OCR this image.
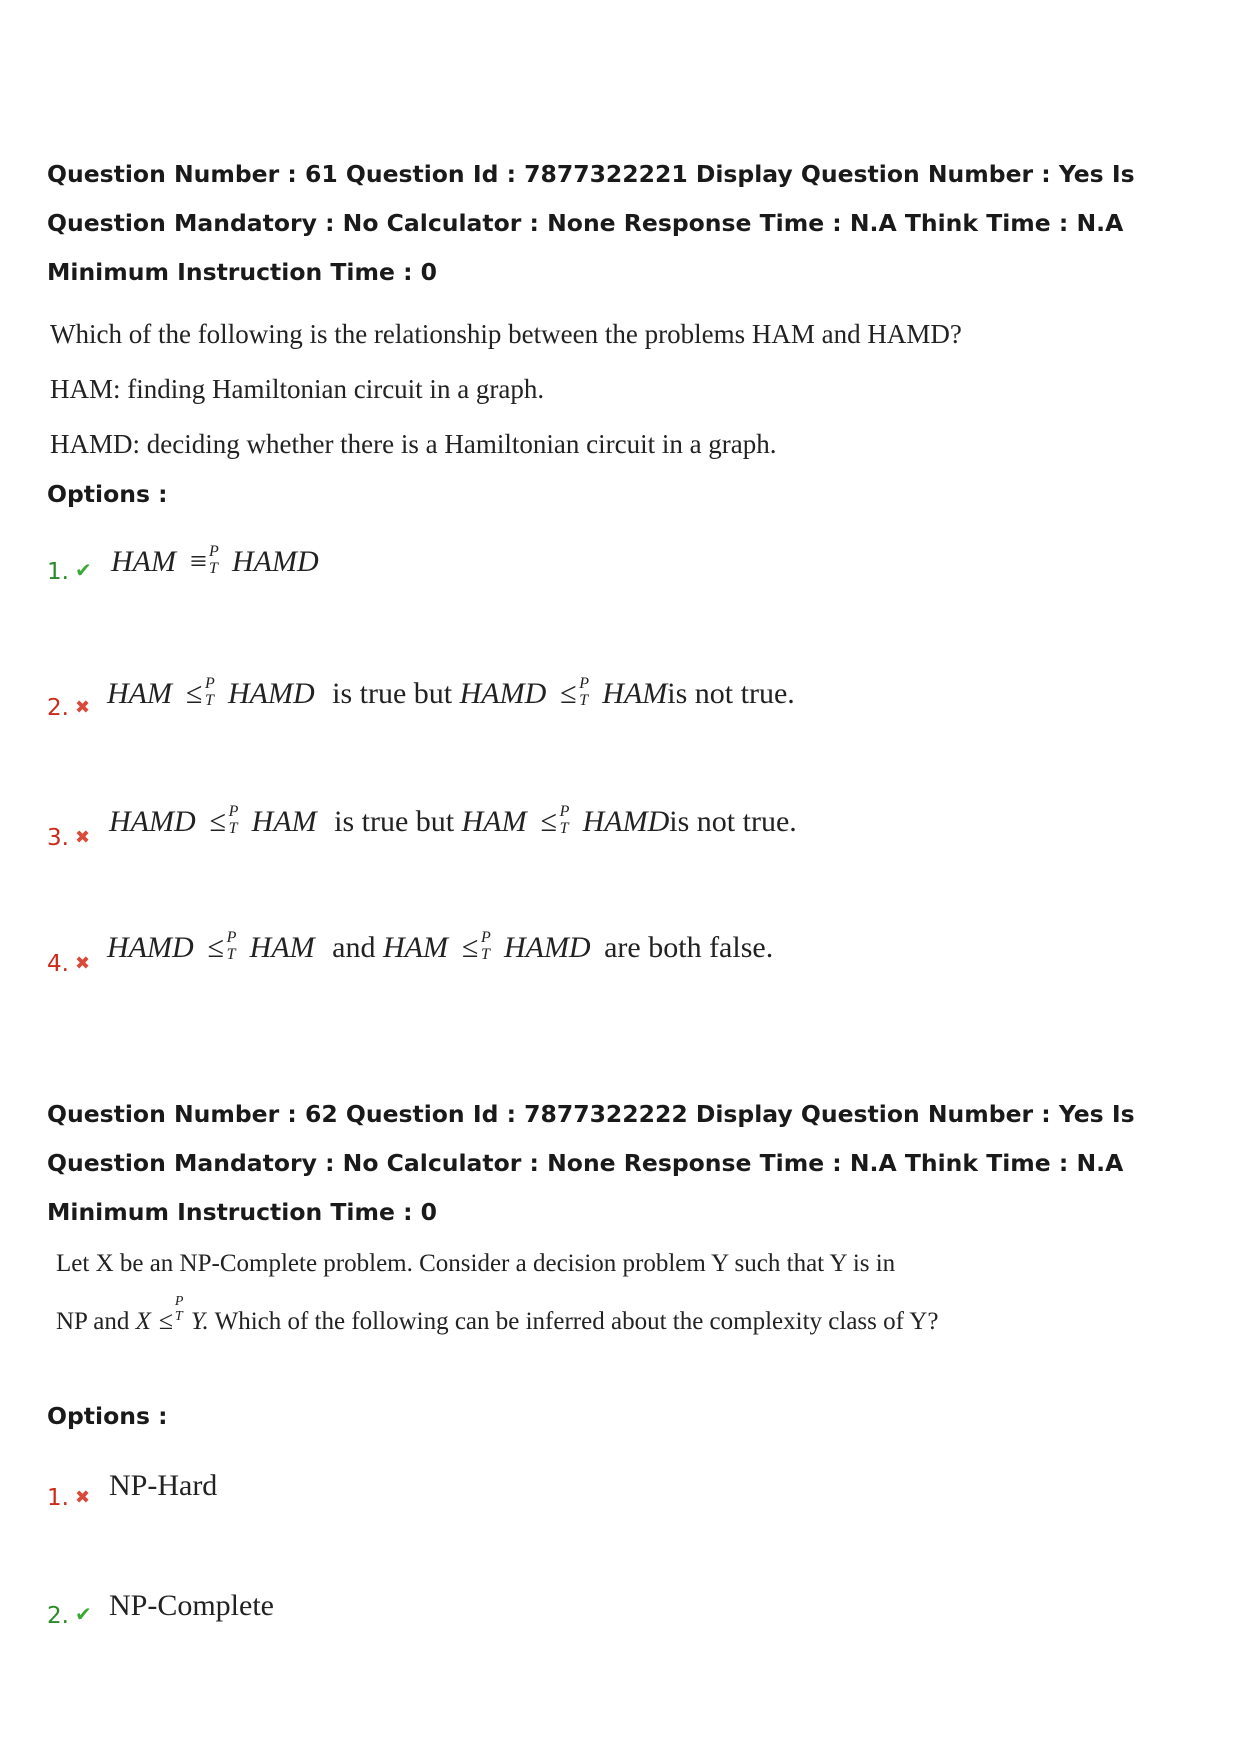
Question Number : 61 Question Id : 7877322221 Display Question Number : Yes Is Question Mandatory : No Calculator : None Response Time : N.A Think Time : N.A Minimum Instruction Time : 0

Which of the following is the relationship between the problems HAM and HAMD?
HAM: finding Hamiltonian circuit in a graph.
HAMD: deciding whether there is a Hamiltonian circuit in a graph.

Options :

1. ✔ HAM ≡ P
T HAMD
2. ✖ HAM ≤ P
T HAMD is true but HAMD ≤ P
T HAMis not true.
3. ✖ HAMD ≤ P
T HAM is true but HAM ≤ P
T HAMDis not true.
4. ✖ HAMD ≤ P
T HAM and HAM ≤ P
T HAMD are both false.

Question Number : 62 Question Id : 7877322222 Display Question Number : Yes Is Question Mandatory : No Calculator : None Response Time : N.A Think Time : N.A Minimum Instruction Time : 0

Let X be an NP-Complete problem. Consider a decision problem Y such that Y is in
NP and X ≤
P
T Y. Which of the following can be inferred about the complexity class of Y?

Options :

1. ✖ NP-Hard
2. ✔ NP-Complete
